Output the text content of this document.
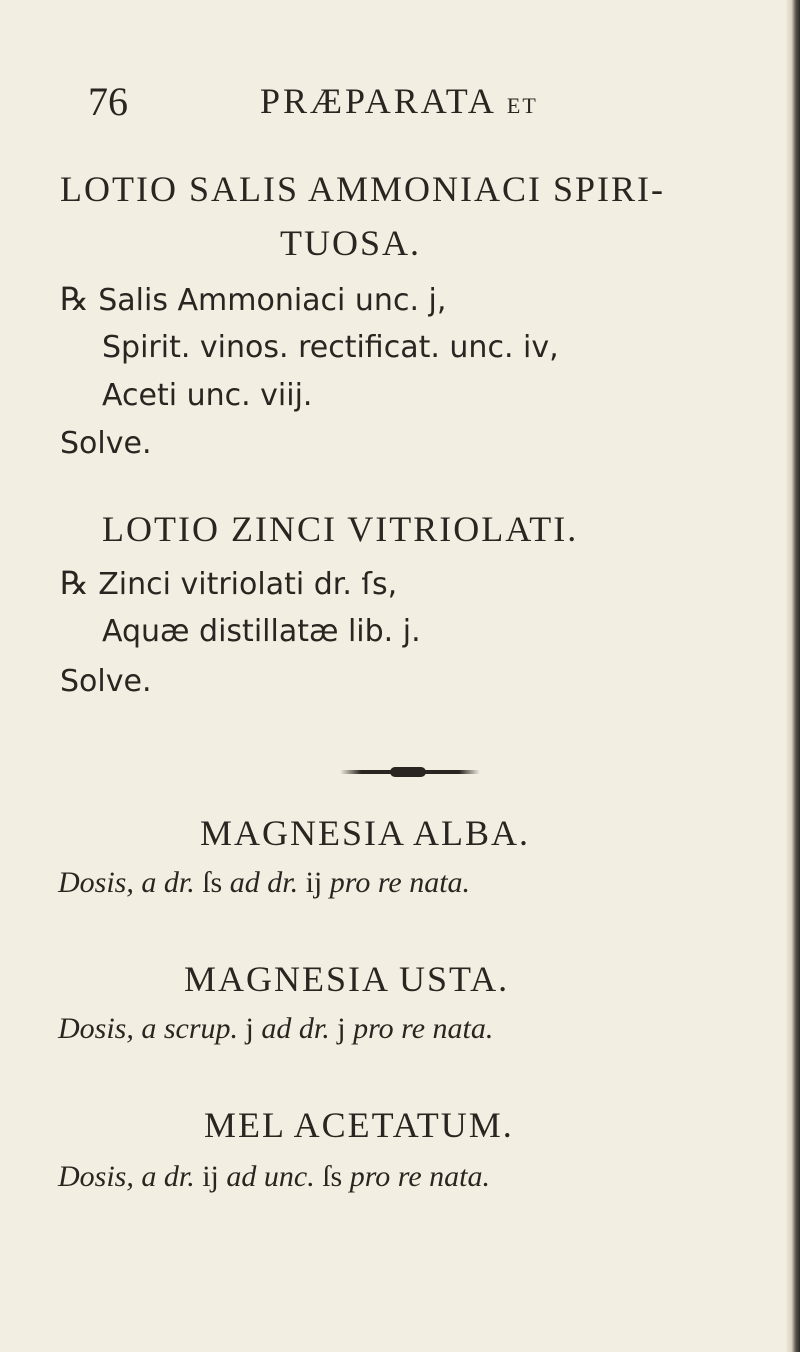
76	PRÆPARATA ET
LOTIO SALIS AMMONIACI SPIRI-
TUOSA.
℞ Salis Ammoniaci unc. j,
Spirit. vinos. rectificat. unc. iv,
Aceti unc. viij.
Solve.
LOTIO ZINCI VITRIOLATI.
℞ Zinci vitriolati dr. ſs,
Aquæ distillatæ lib. j.
Solve.
MAGNESIA ALBA.
Dosis, a dr. ſs ad dr. ij pro re nata.
MAGNESIA USTA.
Dosis, a scrup. j ad dr. j pro re nata.
MEL ACETATUM.
Dosis, a dr. ij ad unc. ſs pro re nata.
